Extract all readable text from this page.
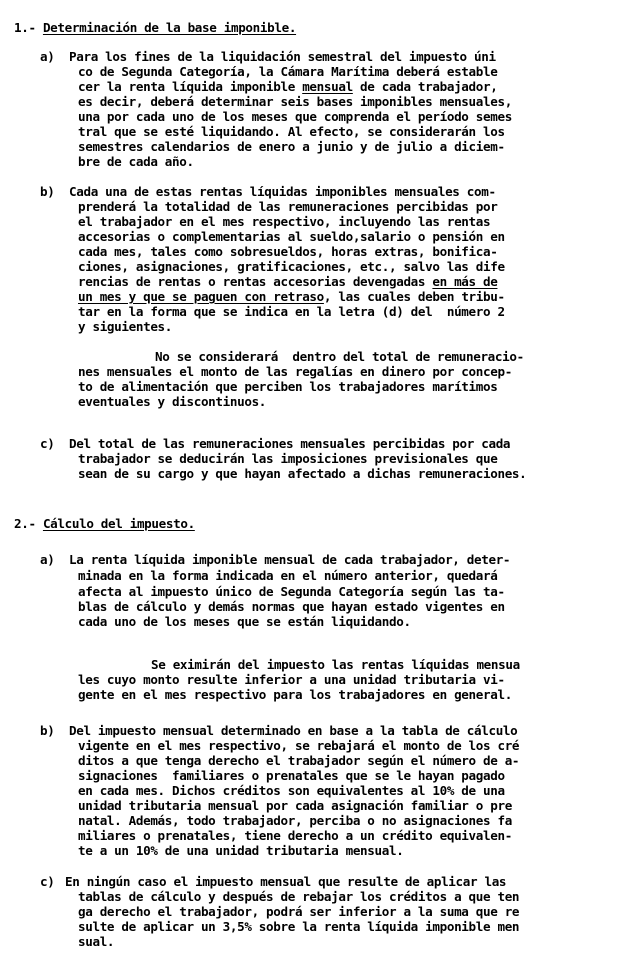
1.- Determinación de la base imponible.
a) Para los fines de la liquidación semestral del impuesto úni
co de Segunda Categoría, la Cámara Marítima deberá estable
cer la renta líquida imponible mensual de cada trabajador,
es decir, deberá determinar seis bases imponibles mensuales,
una por cada uno de los meses que comprenda el período semes
tral que se esté liquidando. Al efecto, se considerarán los
semestres calendarios de enero a junio y de julio a diciem-
bre de cada año.
b) Cada una de estas rentas líquidas imponibles mensuales com-
prenderá la totalidad de las remuneraciones percibidas por
el trabajador en el mes respectivo, incluyendo las rentas
accesorias o complementarias al sueldo,salario o pensión en
cada mes, tales como sobresueldos, horas extras, bonifica-
ciones, asignaciones, gratificaciones, etc., salvo las dife
rencias de rentas o rentas accesorias devengadas en más de
un mes y que se paguen con retraso, las cuales deben tribu-
tar en la forma que se indica en la letra (d) del  número 2
y siguientes.
No se considerará  dentro del total de remuneracio-
nes mensuales el monto de las regalías en dinero por concep-
to de alimentación que perciben los trabajadores marítimos
eventuales y discontinuos.
c) Del total de las remuneraciones mensuales percibidas por cada
trabajador se deducirán las imposiciones previsionales que
sean de su cargo y que hayan afectado a dichas remuneraciones.
2.- Cálculo del impuesto.
a) La renta líquida imponible mensual de cada trabajador, deter-
minada en la forma indicada en el número anterior, quedará
afecta al impuesto único de Segunda Categoría según las ta-
blas de cálculo y demás normas que hayan estado vigentes en
cada uno de los meses que se están liquidando.
Se eximirán del impuesto las rentas líquidas mensua
les cuyo monto resulte inferior a una unidad tributaria vi-
gente en el mes respectivo para los trabajadores en general.
b) Del impuesto mensual determinado en base a la tabla de cálculo
vigente en el mes respectivo, se rebajará el monto de los cré
ditos a que tenga derecho el trabajador según el número de a-
signaciones  familiares o prenatales que se le hayan pagado
en cada mes. Dichos créditos son equivalentes al 10% de una
unidad tributaria mensual por cada asignación familiar o pre
natal. Además, todo trabajador, perciba o no asignaciones fa
miliares o prenatales, tiene derecho a un crédito equivalen-
te a un 10% de una unidad tributaria mensual.
c) En ningún caso el impuesto mensual que resulte de aplicar las
tablas de cálculo y después de rebajar los créditos a que ten
ga derecho el trabajador, podrá ser inferior a la suma que re
sulte de aplicar un 3,5% sobre la renta líquida imponible men
sual.
